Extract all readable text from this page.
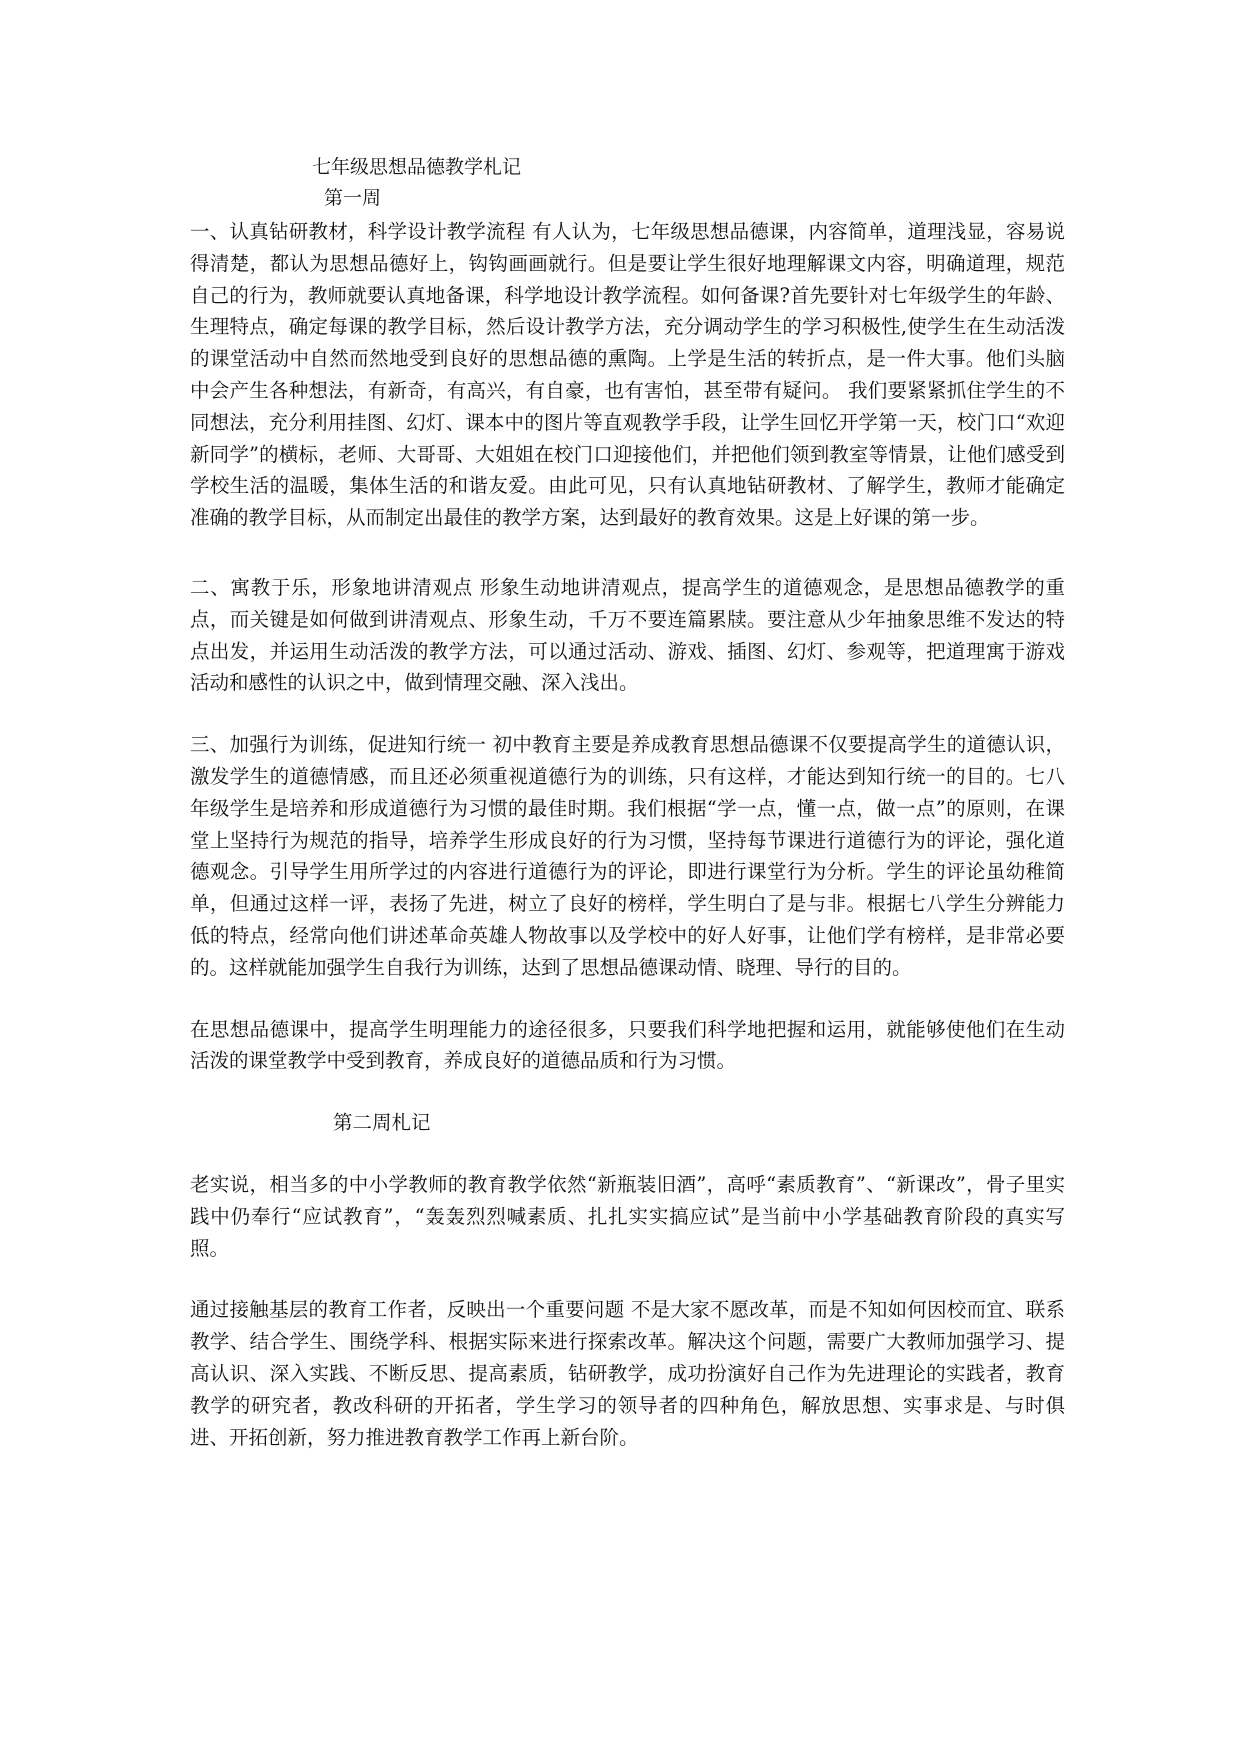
七年级思想品德教学札记
第一周

一、认真钻研教材，科学设计教学流程 有人认为，七年级思想品德课，内容简单，道理浅显，容易说得清楚，都认为思想品德好上，钩钩画画就行。但是要让学生很好地理解课文内容，明确道理，规范自己的行为，教师就要认真地备课，科学地设计教学流程。如何备课?首先要针对七年级学生的年龄、生理特点，确定每课的教学目标，然后设计教学方法，充分调动学生的学习积极性,使学生在生动活泼的课堂活动中自然而然地受到良好的思想品德的熏陶。上学是生活的转折点，是一件大事。他们头脑中会产生各种想法，有新奇，有高兴，有自豪，也有害怕，甚至带有疑问。 我们要紧紧抓住学生的不同想法，充分利用挂图、幻灯、课本中的图片等直观教学手段，让学生回忆开学第一天，校门口“欢迎新同学”的横标，老师、大哥哥、大姐姐在校门口迎接他们，并把他们领到教室等情景，让他们感受到学校生活的温暖，集体生活的和谐友爱。由此可见，只有认真地钻研教材、了解学生，教师才能确定准确的教学目标，从而制定出最佳的教学方案，达到最好的教育效果。这是上好课的第一步。

二、寓教于乐，形象地讲清观点 形象生动地讲清观点，提高学生的道德观念，是思想品德教学的重点，而关键是如何做到讲清观点、形象生动，千万不要连篇累牍。要注意从少年抽象思维不发达的特点出发，并运用生动活泼的教学方法，可以通过活动、游戏、插图、幻灯、参观等，把道理寓于游戏活动和感性的认识之中，做到情理交融、深入浅出。

三、加强行为训练，促进知行统一 初中教育主要是养成教育思想品德课不仅要提高学生的道德认识，激发学生的道德情感，而且还必须重视道德行为的训练，只有这样，才能达到知行统一的目的。七八年级学生是培养和形成道德行为习惯的最佳时期。我们根据“学一点，懂一点，做一点”的原则，在课堂上坚持行为规范的指导，培养学生形成良好的行为习惯，坚持每节课进行道德行为的评论，强化道德观念。引导学生用所学过的内容进行道德行为的评论，即进行课堂行为分析。学生的评论虽幼稚简单，但通过这样一评，表扬了先进，树立了良好的榜样，学生明白了是与非。根据七八学生分辨能力低的特点，经常向他们讲述革命英雄人物故事以及学校中的好人好事，让他们学有榜样，是非常必要的。这样就能加强学生自我行为训练，达到了思想品德课动情、晓理、导行的目的。

在思想品德课中，提高学生明理能力的途径很多，只要我们科学地把握和运用，就能够使他们在生动活泼的课堂教学中受到教育，养成良好的道德品质和行为习惯。

第二周札记

老实说，相当多的中小学教师的教育教学依然“新瓶装旧酒”，高呼“素质教育”、“新课改”，骨子里实践中仍奉行“应试教育”，“轰轰烈烈喊素质、扎扎实实搞应试”是当前中小学基础教育阶段的真实写照。

通过接触基层的教育工作者，反映出一个重要问题 不是大家不愿改革，而是不知如何因校而宜、联系教学、结合学生、围绕学科、根据实际来进行探索改革。解决这个问题，需要广大教师加强学习、提高认识、深入实践、不断反思、提高素质，钻研教学，成功扮演好自己作为先进理论的实践者，教育教学的研究者，教改科研的开拓者，学生学习的领导者的四种角色，解放思想、实事求是、与时俱进、开拓创新，努力推进教育教学工作再上新台阶。
